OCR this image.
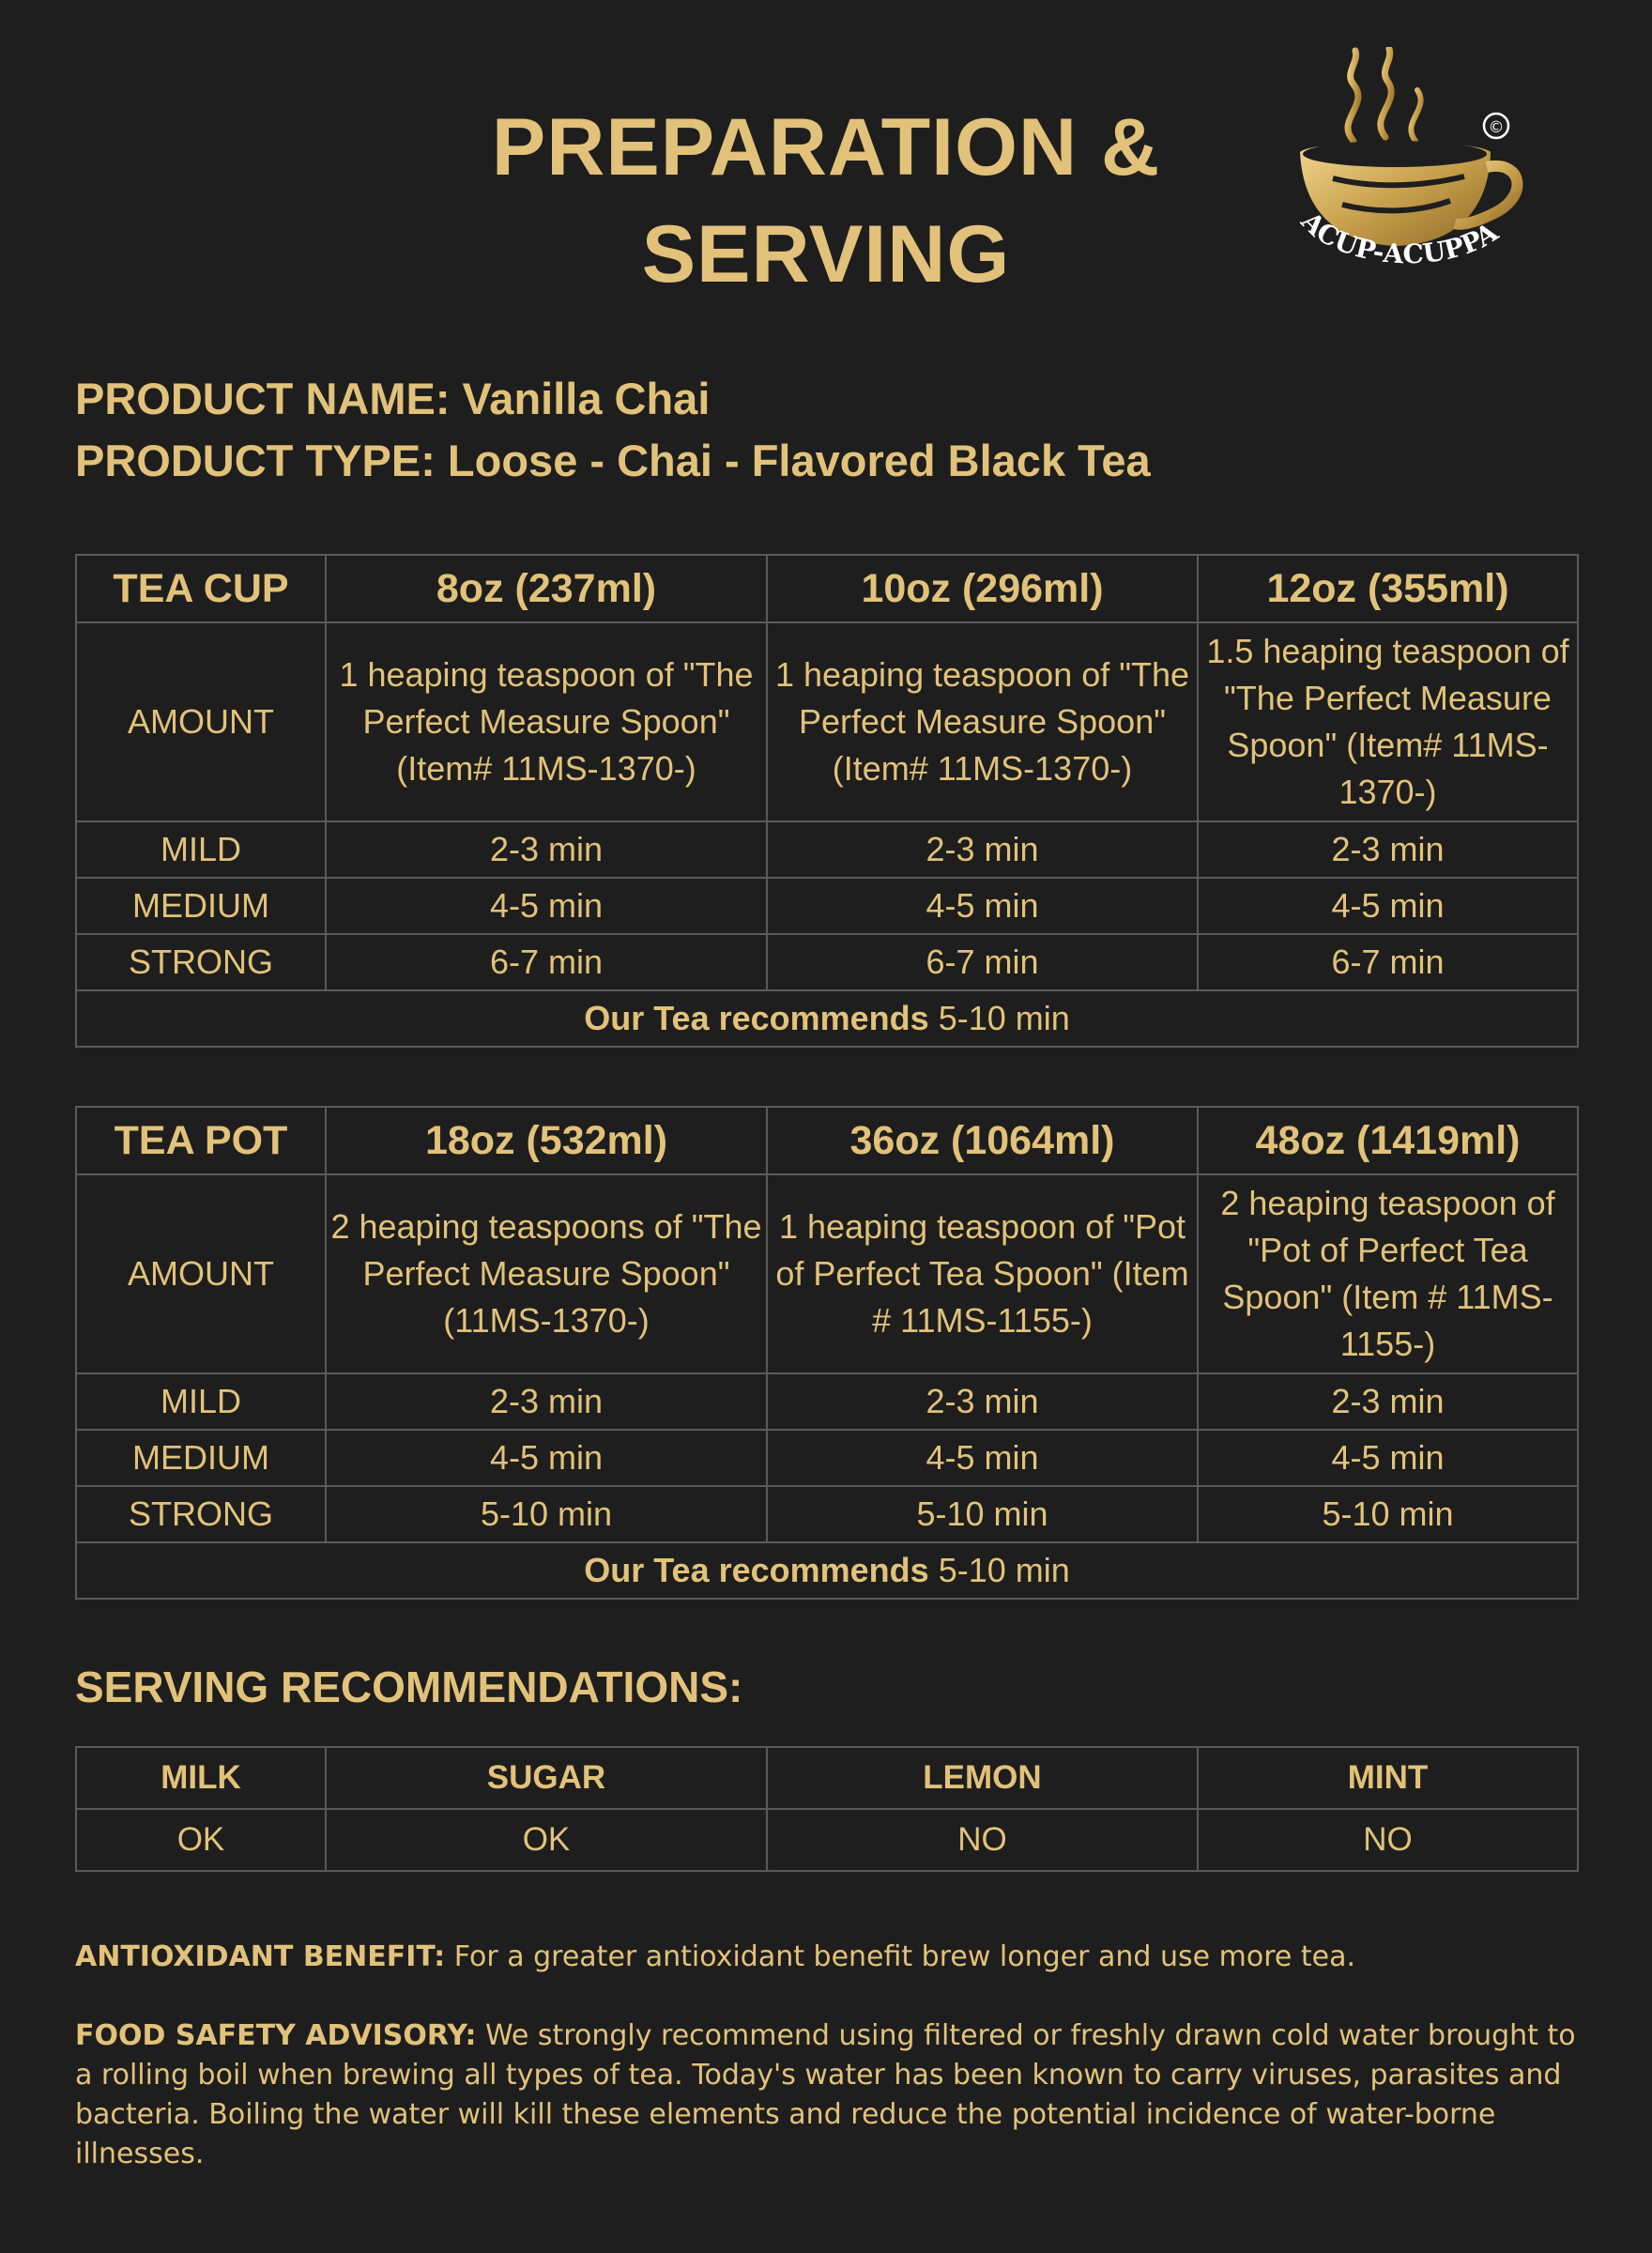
PREPARATION &
SERVING	ACUP-ACUPPA
©
PRODUCT NAME: Vanilla Chai
PRODUCT TYPE: Loose - Chai - Flavored Black Tea
TEA CUP	8oz (237ml)	10oz (296ml)	12oz (355ml)
AMOUNT	1 heaping teaspoon of "The Perfect Measure Spoon" (Item# 11MS-1370-)	1 heaping teaspoon of "The Perfect Measure Spoon" (Item# 11MS-1370-)	1.5 heaping teaspoon of "The Perfect Measure Spoon" (Item# 11MS-1370-)
MILD	2-3 min	2-3 min	2-3 min
MEDIUM	4-5 min	4-5 min	4-5 min
STRONG	6-7 min	6-7 min	6-7 min
Our Tea recommends 5-10 min			
TEA POT	18oz (532ml)	36oz (1064ml)	48oz (1419ml)
AMOUNT	2 heaping teaspoons of "The Perfect Measure Spoon" (11MS-1370-)	1 heaping teaspoon of "Pot of Perfect Tea Spoon" (Item # 11MS-1155-)	2 heaping teaspoon of "Pot of Perfect Tea Spoon" (Item # 11MS-1155-)
MILD	2-3 min	2-3 min	2-3 min
MEDIUM	4-5 min	4-5 min	4-5 min
STRONG	5-10 min	5-10 min	5-10 min
Our Tea recommends 5-10 min			
SERVING RECOMMENDATIONS:
MILK	SUGAR	LEMON	MINT
OK	OK	NO	NO
ANTIOXIDANT BENEFIT: For a greater antioxidant benefit brew longer and use more tea.
FOOD SAFETY ADVISORY: We strongly recommend using filtered or freshly drawn cold water brought to a rolling boil when brewing all types of tea. Today's water has been known to carry viruses, parasites and bacteria. Boiling the water will kill these elements and reduce the potential incidence of water-borne illnesses.
